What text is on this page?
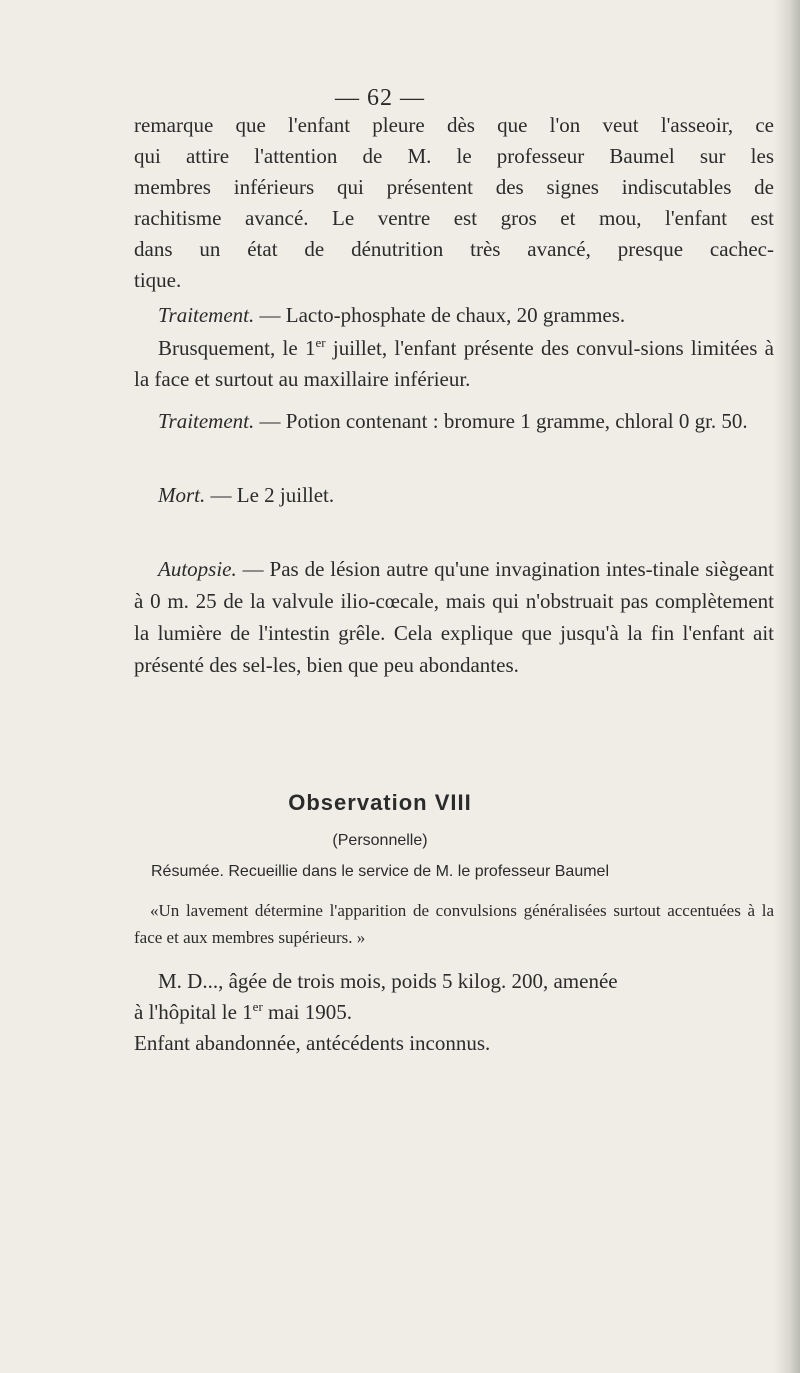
— 62 —
remarque que l'enfant pleure dès que l'on veut l'asseoir, ce
qui attire l'attention de M. le professeur Baumel sur les
membres inférieurs qui présentent des signes indiscutables de
rachitisme avancé. Le ventre est gros et mou, l'enfant est
dans un état de dénutrition très avancé, presque cachec-
tique.

Traitement. — Lacto-phosphate de chaux, 20 grammes.

Brusquement, le 1er juillet, l'enfant présente des convul-sions limitées à la face et surtout au maxillaire inférieur.

Traitement. — Potion contenant : bromure 1 gramme, chloral 0 gr. 50.

Mort. — Le 2 juillet.

Autopsie. — Pas de lésion autre qu'une invagination intes-tinale siègeant à 0 m. 25 de la valvule ilio-cœcale, mais qui n'obstruait pas complètement la lumière de l'intestin grêle. Cela explique que jusqu'à la fin l'enfant ait présenté des sel-les, bien que peu abondantes.

Observation VIII
(Personnelle)
Résumée. Recueillie dans le service de M. le professeur Baumel
«Un lavement détermine l'apparition de convulsions généralisées surtout accentuées à la face et aux membres supérieurs. »
M. D..., âgée de trois mois, poids 5 kilog. 200, amenée
à l'hôpital le 1er mai 1905.
Enfant abandonnée, antécédents inconnus.
